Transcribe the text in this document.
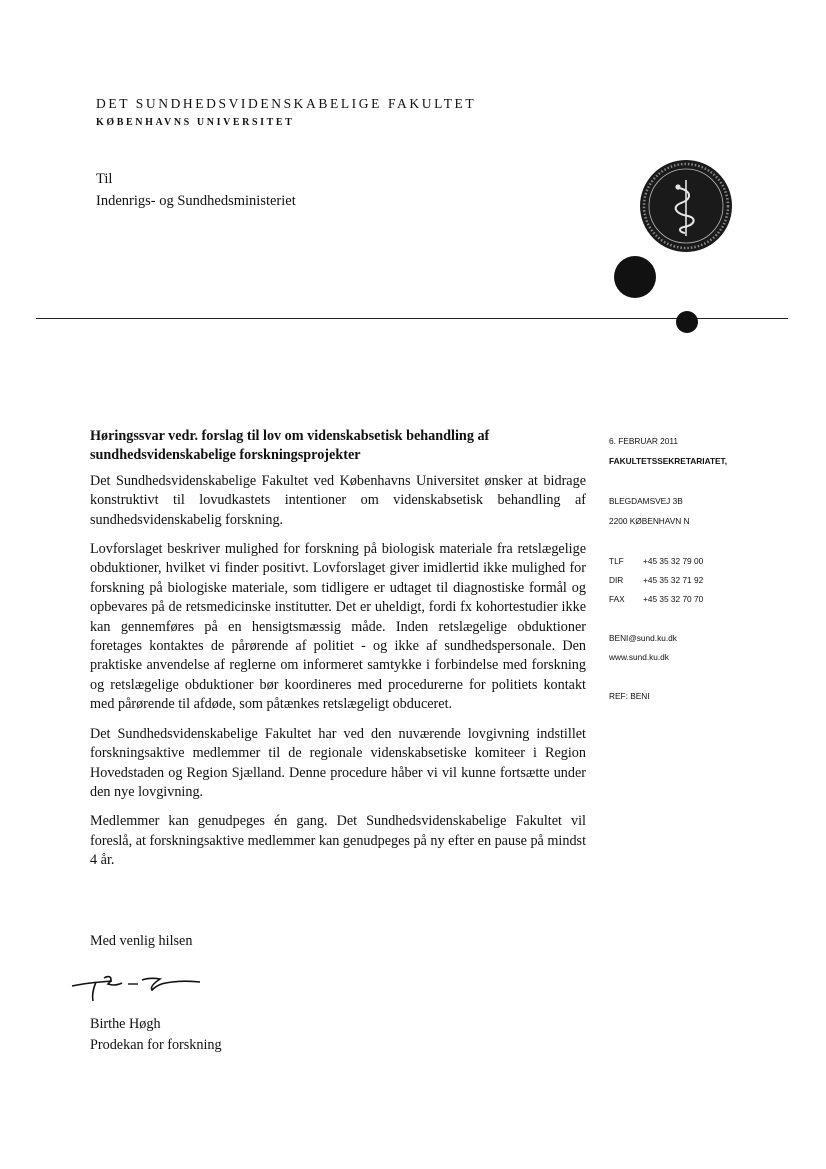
DET SUNDHEDSVIDENSKABELIGE FAKULTET
KØBENHAVNS UNIVERSITET
Til
Indenrigs- og Sundhedsministeriet

Høringssvar vedr. forslag til lov om videnskabsetisk behandling af sundhedsvidenskabelige forskningsprojekter

Det Sundhedsvidenskabelige Fakultet ved Københavns Universitet ønsker at bidrage konstruktivt til lovudkastets intentioner om videnskabsetisk behandling af sundhedsvidenskabelig forskning.

Lovforslaget beskriver mulighed for forskning på biologisk materiale fra retslægelige obduktioner, hvilket vi finder positivt. Lovforslaget giver imidlertid ikke mulighed for forskning på biologiske materiale, som tidligere er udtaget til diagnostiske formål og opbevares på de retsmedicinske institutter. Det er uheldigt, fordi fx kohortestudier ikke kan gennemføres på en hensigtsmæssig måde. Inden retslægelige obduktioner foretages kontaktes de pårørende af politiet - og ikke af sundhedspersonale. Den praktiske anvendelse af reglerne om informeret samtykke i forbindelse med forskning og retslægelige obduktioner bør koordineres med procedurerne for politiets kontakt med pårørende til afdøde, som påtænkes retslægeligt obduceret.

Det Sundhedsvidenskabelige Fakultet har ved den nuværende lovgivning indstillet forskningsaktive medlemmer til de regionale videnskabsetiske komiteer i Region Hovedstaden og Region Sjælland. Denne procedure håber vi vil kunne fortsætte under den nye lovgivning.

Medlemmer kan genudpeges én gang. Det Sundhedsvidenskabelige Fakultet vil foreslå, at forskningsaktive medlemmer kan genudpeges på ny efter en pause på mindst 4 år.

Med venlig hilsen
Birthe Høgh
Prodekan for forskning
6. FEBRUAR 2011
FAKULTETSSEKRETARIATET,
BLEGDAMSVEJ 3B
2200 KØBENHAVN N
TLF	+45 35 32 79 00
DIR	+45 35 32 71 92
FAX	+45 35 32 70 70
BENI@sund.ku.dk
www.sund.ku.dk
REF: BENI
